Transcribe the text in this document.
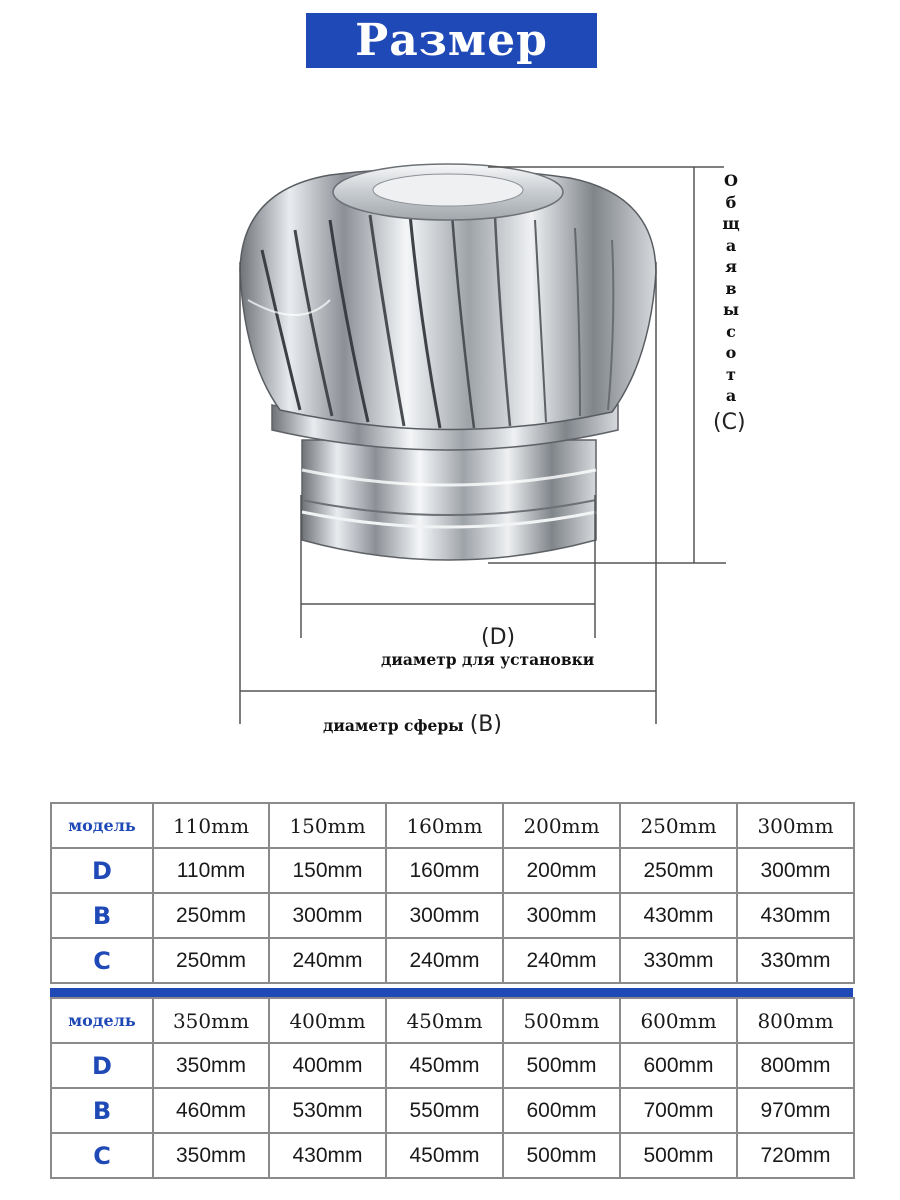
Размер
О
б
щ
а
я
в
ы
с
о
т
а
(C)
(D)
диаметр для установки
диаметр сферы (B)
модель	110mm	150mm	160mm	200mm	250mm	300mm
D	110mm	150mm	160mm	200mm	250mm	300mm
B	250mm	300mm	300mm	300mm	430mm	430mm
C	250mm	240mm	240mm	240mm	330mm	330mm
модель	350mm	400mm	450mm	500mm	600mm	800mm
D	350mm	400mm	450mm	500mm	600mm	800mm
B	460mm	530mm	550mm	600mm	700mm	970mm
C	350mm	430mm	450mm	500mm	500mm	720mm
